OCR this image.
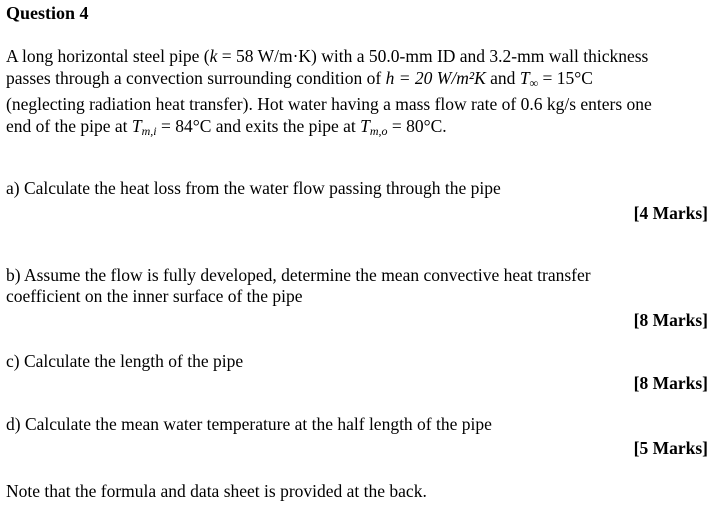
Question 4
A long horizontal steel pipe (k = 58 W/m·K) with a 50.0-mm ID and 3.2-mm wall thickness
passes through a convection surrounding condition of h = 20 W/m²K and $T_\infty = 15^\circ C$
(neglecting radiation heat transfer). Hot water having a mass flow rate of 0.6 kg/s enters one
end of the pipe at $T_{m,i} = 84^\circ C$ and exits the pipe at $T_{m,o} = 80^\circ C$.
a) Calculate the heat loss from the water flow passing through the pipe
[4 Marks]
b) Assume the flow is fully developed, determine the mean convective heat transfer
coefficient on the inner surface of the pipe
[8 Marks]
c) Calculate the length of the pipe
[8 Marks]
d) Calculate the mean water temperature at the half length of the pipe
[5 Marks]
Note that the formula and data sheet is provided at the back.
